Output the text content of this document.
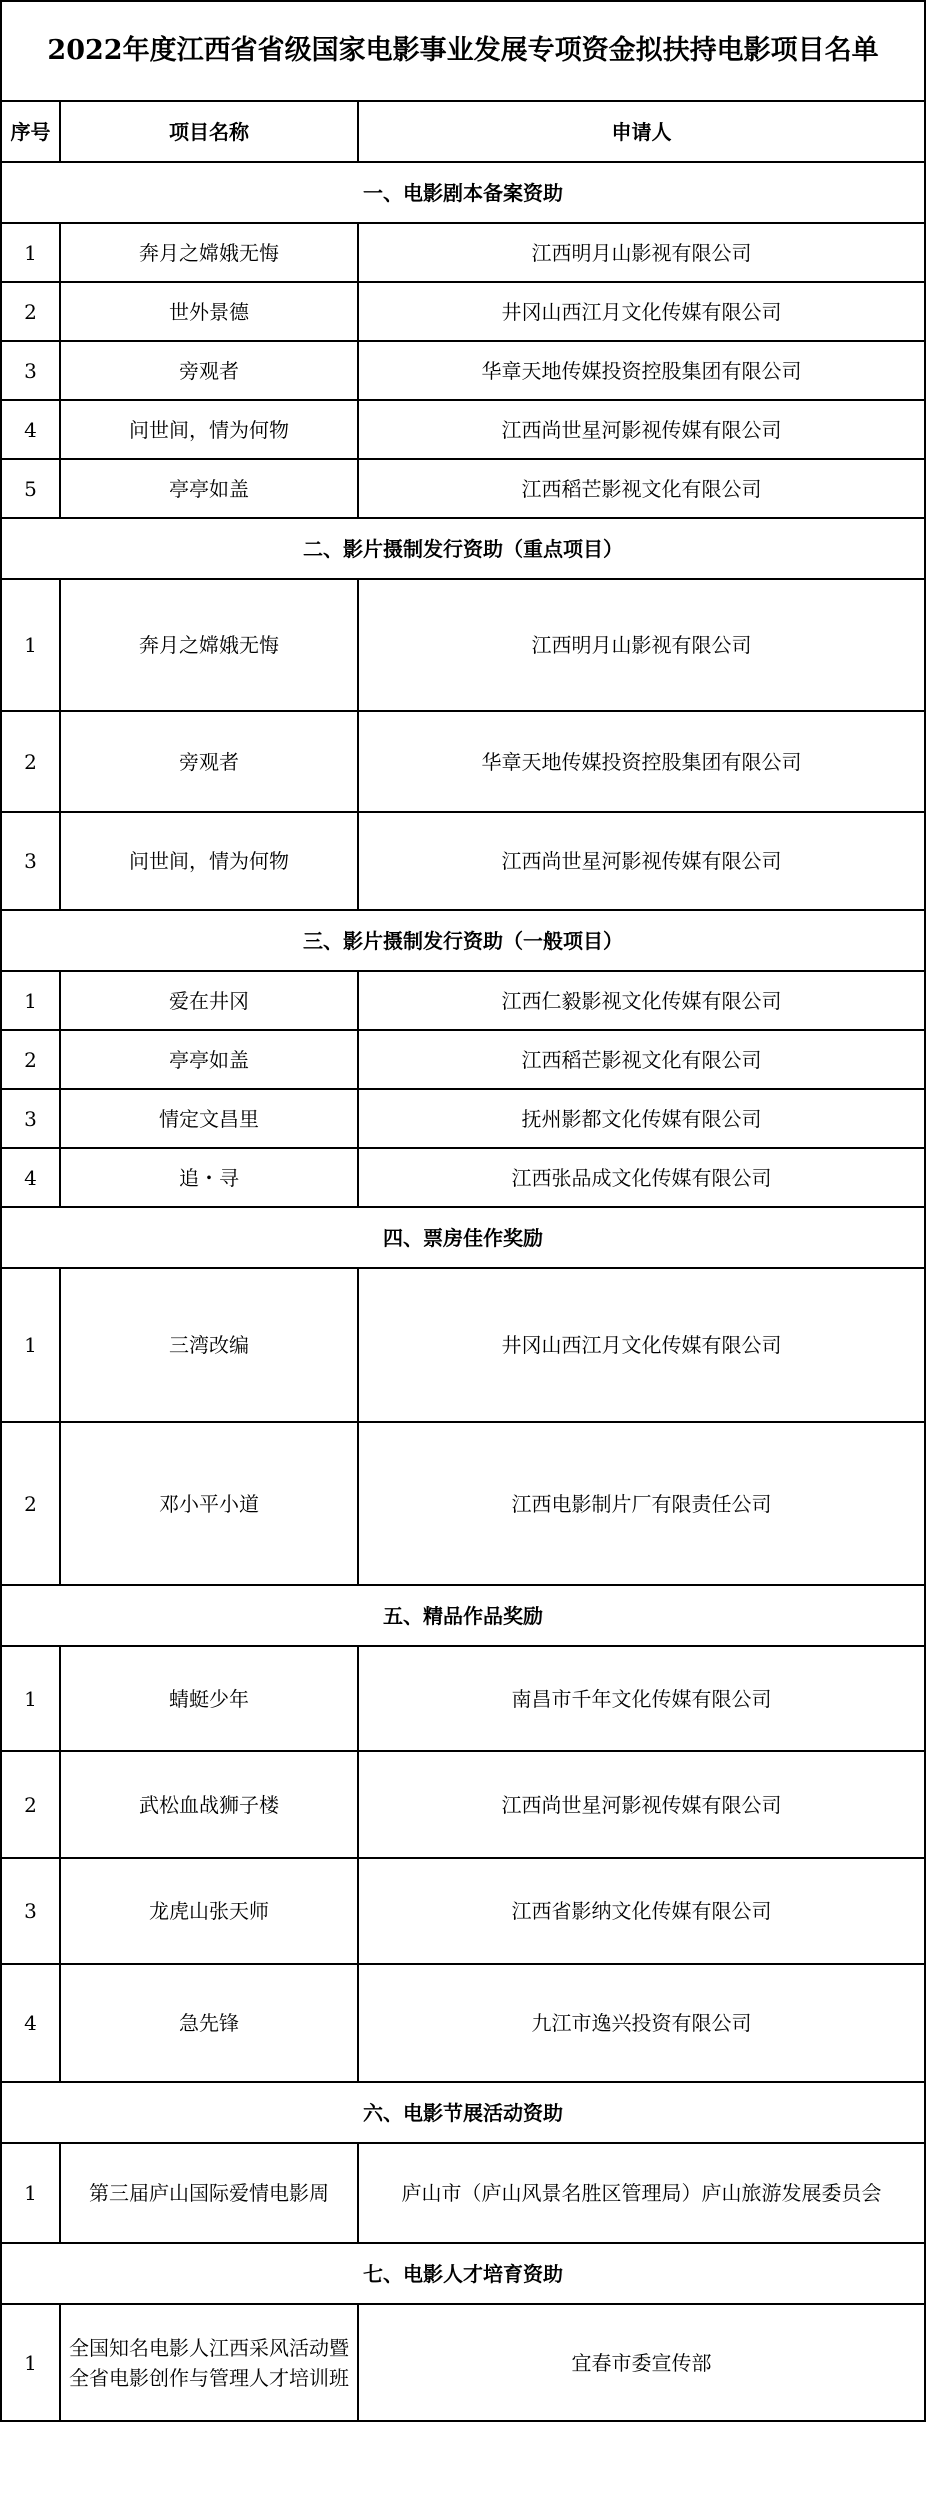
2022年度江西省省级国家电影事业发展专项资金拟扶持电影项目名单		
序号	项目名称	申请人
一、电影剧本备案资助		
1	奔月之嫦娥无悔	江西明月山影视有限公司
2	世外景德	井冈山西江月文化传媒有限公司
3	旁观者	华章天地传媒投资控股集团有限公司
4	问世间，情为何物	江西尚世星河影视传媒有限公司
5	亭亭如盖	江西稻芒影视文化有限公司
二、影片摄制发行资助（重点项目）		
1	奔月之嫦娥无悔	江西明月山影视有限公司
2	旁观者	华章天地传媒投资控股集团有限公司
3	问世间，情为何物	江西尚世星河影视传媒有限公司
三、影片摄制发行资助（一般项目）		
1	爱在井冈	江西仁毅影视文化传媒有限公司
2	亭亭如盖	江西稻芒影视文化有限公司
3	情定文昌里	抚州影都文化传媒有限公司
4	追・寻	江西张品成文化传媒有限公司
四、票房佳作奖励		
1	三湾改编	井冈山西江月文化传媒有限公司
2	邓小平小道	江西电影制片厂有限责任公司
五、精品作品奖励		
1	蜻蜓少年	南昌市千年文化传媒有限公司
2	武松血战狮子楼	江西尚世星河影视传媒有限公司
3	龙虎山张天师	江西省影纳文化传媒有限公司
4	急先锋	九江市逸兴投资有限公司
六、电影节展活动资助		
1	第三届庐山国际爱情电影周	庐山市（庐山风景名胜区管理局）庐山旅游发展委员会
七、电影人才培育资助		
1	全国知名电影人江西采风活动暨全省电影创作与管理人才培训班	宜春市委宣传部
